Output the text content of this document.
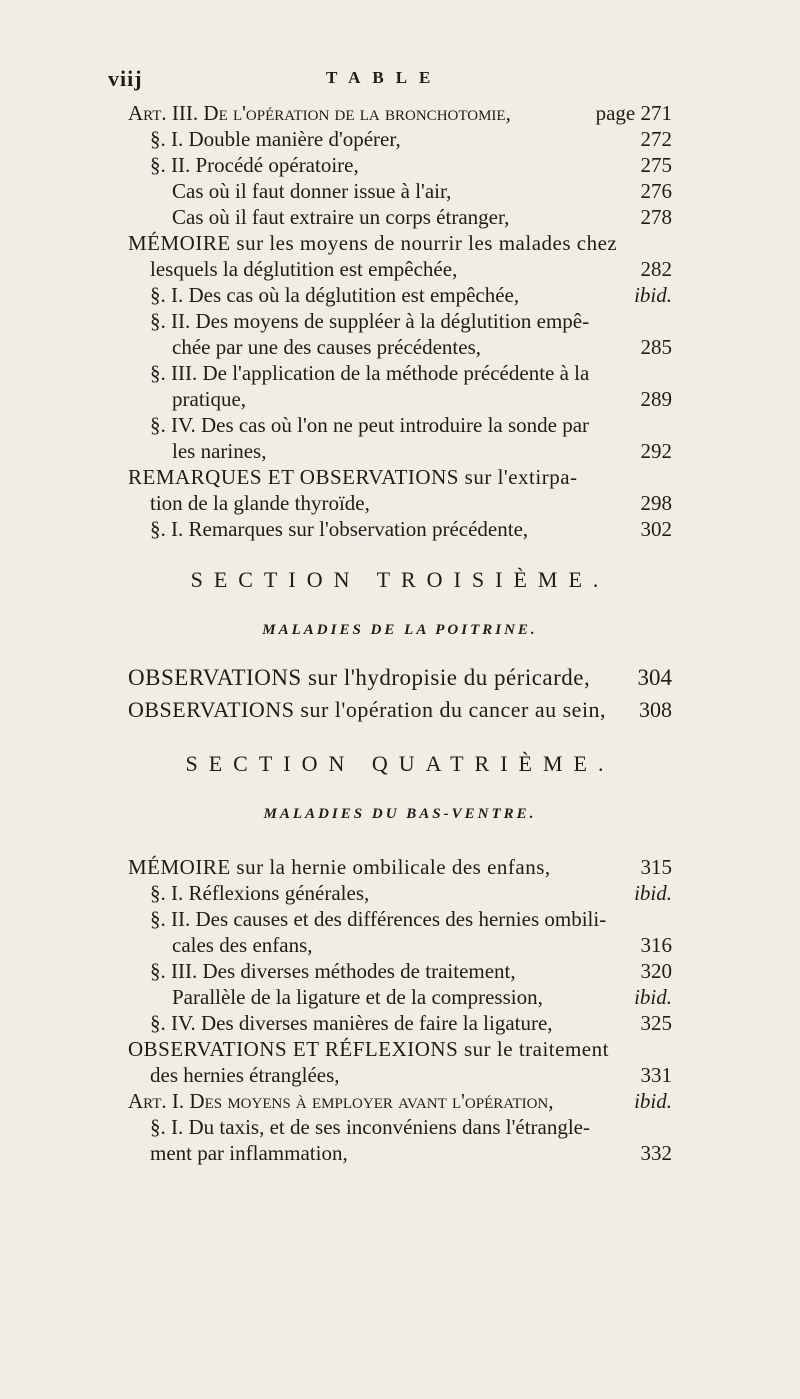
viij	TABLE
Art. III. De l'opération de la bronchotomie,	page 271
§. I. Double manière d'opérer,	272
§. II. Procédé opératoire,	275
Cas où il faut donner issue à l'air,	276
Cas où il faut extraire un corps étranger,	278
MÉMOIRE sur les moyens de nourrir les malades chez
lesquels la déglutition est empêchée,	282
§. I. Des cas où la déglutition est empêchée,	ibid.
§. II. Des moyens de suppléer à la déglutition empê-
chée par une des causes précédentes,	285
§. III. De l'application de la méthode précédente à la
pratique,	289
§. IV. Des cas où l'on ne peut introduire la sonde par
les narines,	292
REMARQUES ET OBSERVATIONS sur l'extirpa-
tion de la glande thyroïde,	298
§. I. Remarques sur l'observation précédente,	302
SECTION TROISIÈME.
MALADIES DE LA POITRINE.
OBSERVATIONS sur l'hydropisie du péricarde, 304
OBSERVATIONS sur l'opération du cancer au sein, 308
SECTION QUATRIÈME.
MALADIES DU BAS-VENTRE.
MÉMOIRE sur la hernie ombilicale des enfans,	315
§. I. Réflexions générales,	ibid.
§. II. Des causes et des différences des hernies ombili-
cales des enfans,	316
§. III. Des diverses méthodes de traitement,	320
Parallèle de la ligature et de la compression,	ibid.
§. IV. Des diverses manières de faire la ligature,	325
OBSERVATIONS ET RÉFLEXIONS sur le traitement
des hernies étranglées,	331
Art. I. Des moyens à employer avant l'opération,	ibid.
§. I. Du taxis, et de ses inconvéniens dans l'étrangle-
ment par inflammation,	332
